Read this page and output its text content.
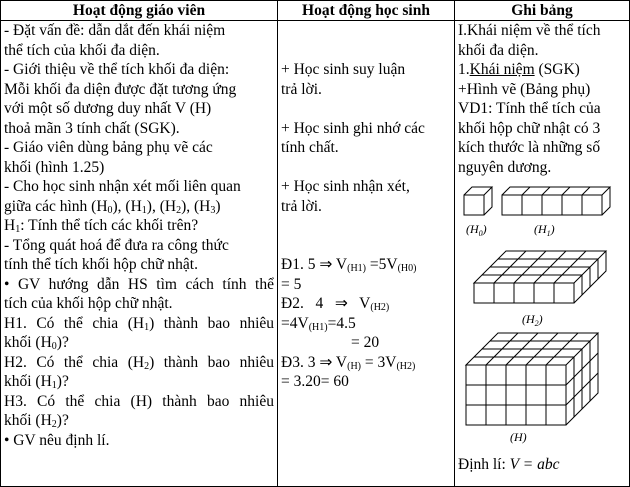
Hoạt động giáo viên	Hoạt động học sinh	Ghi bảng

- Đặt vấn đề: dẫn dắt đến khái niệm
thể tích của khối đa diện.
- Giới thiệu về thể tích khối đa diện:
Mỗi khối đa diện được đặt tương ứng
với một số dương duy nhất V (H)
thoả mãn 3 tính chất (SGK).
- Giáo viên dùng bảng phụ vẽ các
khối (hình 1.25)
- Cho học sinh nhận xét mối liên quan
giữa các hình $(H_0)$, $(H_1)$, $(H_2)$, $(H_3)$
$H_1$: Tính thể tích các khối trên?
- Tổng quát hoá để đưa ra công thức
tính thể tích khối hộp chữ nhật.
• GV hướng dẫn HS tìm cách tính thể
tích của khối hộp chữ nhật.
H1. Có thể chia $(H_1)$ thành bao nhiêu
khối $(H_0)$?
H2. Có thể chia $(H_2)$ thành bao nhiêu
khối $(H_1)$?
H3. Có thể chia (H) thành bao nhiêu
khối $(H_2)$?
• GV nêu định lí.

+ Học sinh suy luận
trả lời.
+ Học sinh ghi nhớ các
tính chất.
+ Học sinh nhận xét,
trả lời.
Đ1. 5 ⇒ $V_{(H1)} =5V_{(H0)}$
= 5
Đ2.   4   ⇒   $V_{(H2)}$
$=4V_{(H1)}=4.5$
= 20
Đ3. 3 ⇒ $V_{(H)} = 3V_{(H2)}$
= 3.20= 60

I.Khái niệm về thể tích
khối đa diện.
1.Khái niệm (SGK)
+Hình vẽ (Bảng phụ)
VD1: Tính thể tích của
khối hộp chữ nhật có 3
kích thước là những số
nguyên dương.
$(H_0)$	$(H_1)$
$(H_2)$
(H)
Định lí: V = abc
